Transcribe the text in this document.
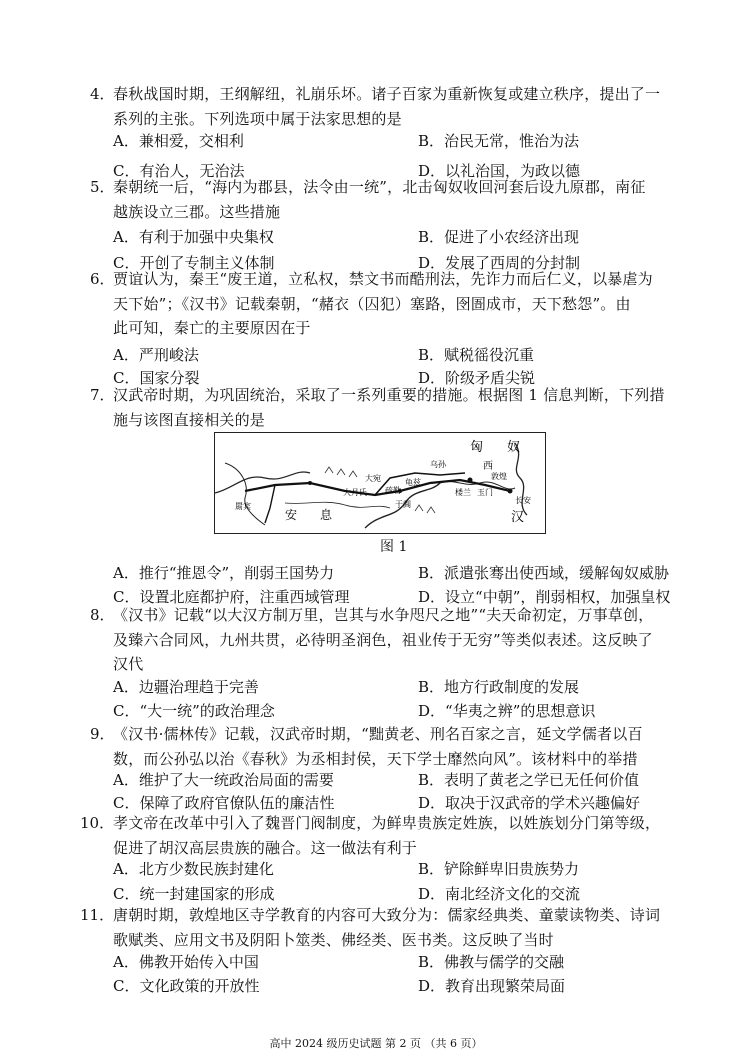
4．
春秋战国时期，王纲解纽，礼崩乐坏。诸子百家为重新恢复或建立秩序，提出了一
系列的主张。下列选项中属于法家思想的是
A．兼相爱，交相利	B．治民无常，惟治为法
C．有治人，无治法	D．以礼治国，为政以德
5．
秦朝统一后，“海内为郡县，法令由一统”，北击匈奴收回河套后设九原郡，南征
越族设立三郡。这些措施
A．有利于加强中央集权	B．促进了小农经济出现
C．开创了专制主义体制	D．发展了西周的分封制
6．
贾谊认为，秦王“废王道，立私权，禁文书而酷刑法，先诈力而后仁义，以暴虐为
天下始”；《汉书》记载秦朝，“赭衣（囚犯）塞路，囹圄成市，天下愁怨”。由
此可知，秦亡的主要原因在于
A．严刑峻法	B．赋税徭役沉重
C．国家分裂	D．阶级矛盾尖锐
7．
汉武帝时期，为巩固统治，采取了一系列重要的措施。根据图 1 信息判断，下列措
施与该图直接相关的是
A．推行“推恩令”，削弱王国势力	B．派遣张骞出使西域，缓解匈奴威胁
C．设置北庭都护府，注重西域管理	D．设立“中朝”，削弱相权，加强皇权
8．
《汉书》记载“以大汉方制万里，岂其与水争咫尺之地”“夫天命初定，万事草创，
及臻六合同风，九州共贯，必待明圣润色，祖业传于无穷”等类似表述。这反映了
汉代
A．边疆治理趋于完善	B．地方行政制度的发展
C．“大一统”的政治理念	D．“华夷之辨”的思想意识
9．
《汉书·儒林传》记载，汉武帝时期，“黜黄老、刑名百家之言，延文学儒者以百
数，而公孙弘以治《春秋》为丞相封侯，天下学士靡然向风”。该材料中的举措
A．维护了大一统政治局面的需要	B．表明了黄老之学已无任何价值
C．保障了政府官僚队伍的廉洁性	D．取决于汉武帝的学术兴趣偏好
10．
孝文帝在改革中引入了魏晋门阀制度，为鲜卑贵族定姓族，以姓族划分门第等级，
促进了胡汉高层贵族的融合。这一做法有利于
A．北方少数民族封建化	B．铲除鲜卑旧贵族势力
C．统一封建国家的形成	D．南北经济文化的交流
11．
唐朝时期，敦煌地区寺学教育的内容可大致分为：儒家经典类、童蒙读物类、诗词
歌赋类、应用文书及阴阳卜筮类、佛经类、医书类。这反映了当时
A．佛教开始传入中国	B．佛教与儒学的交融
C．文化政策的开放性	D．教育出现繁荣局面
匈 奴
西
汉
安 息
大月氏
大宛
乌孙
楼兰 玉门
敦煌
长安
龟兹
于阗
疏勒
罽宾
图 1
高中 2024 级历史试题 第 2 页 （共 6 页）
